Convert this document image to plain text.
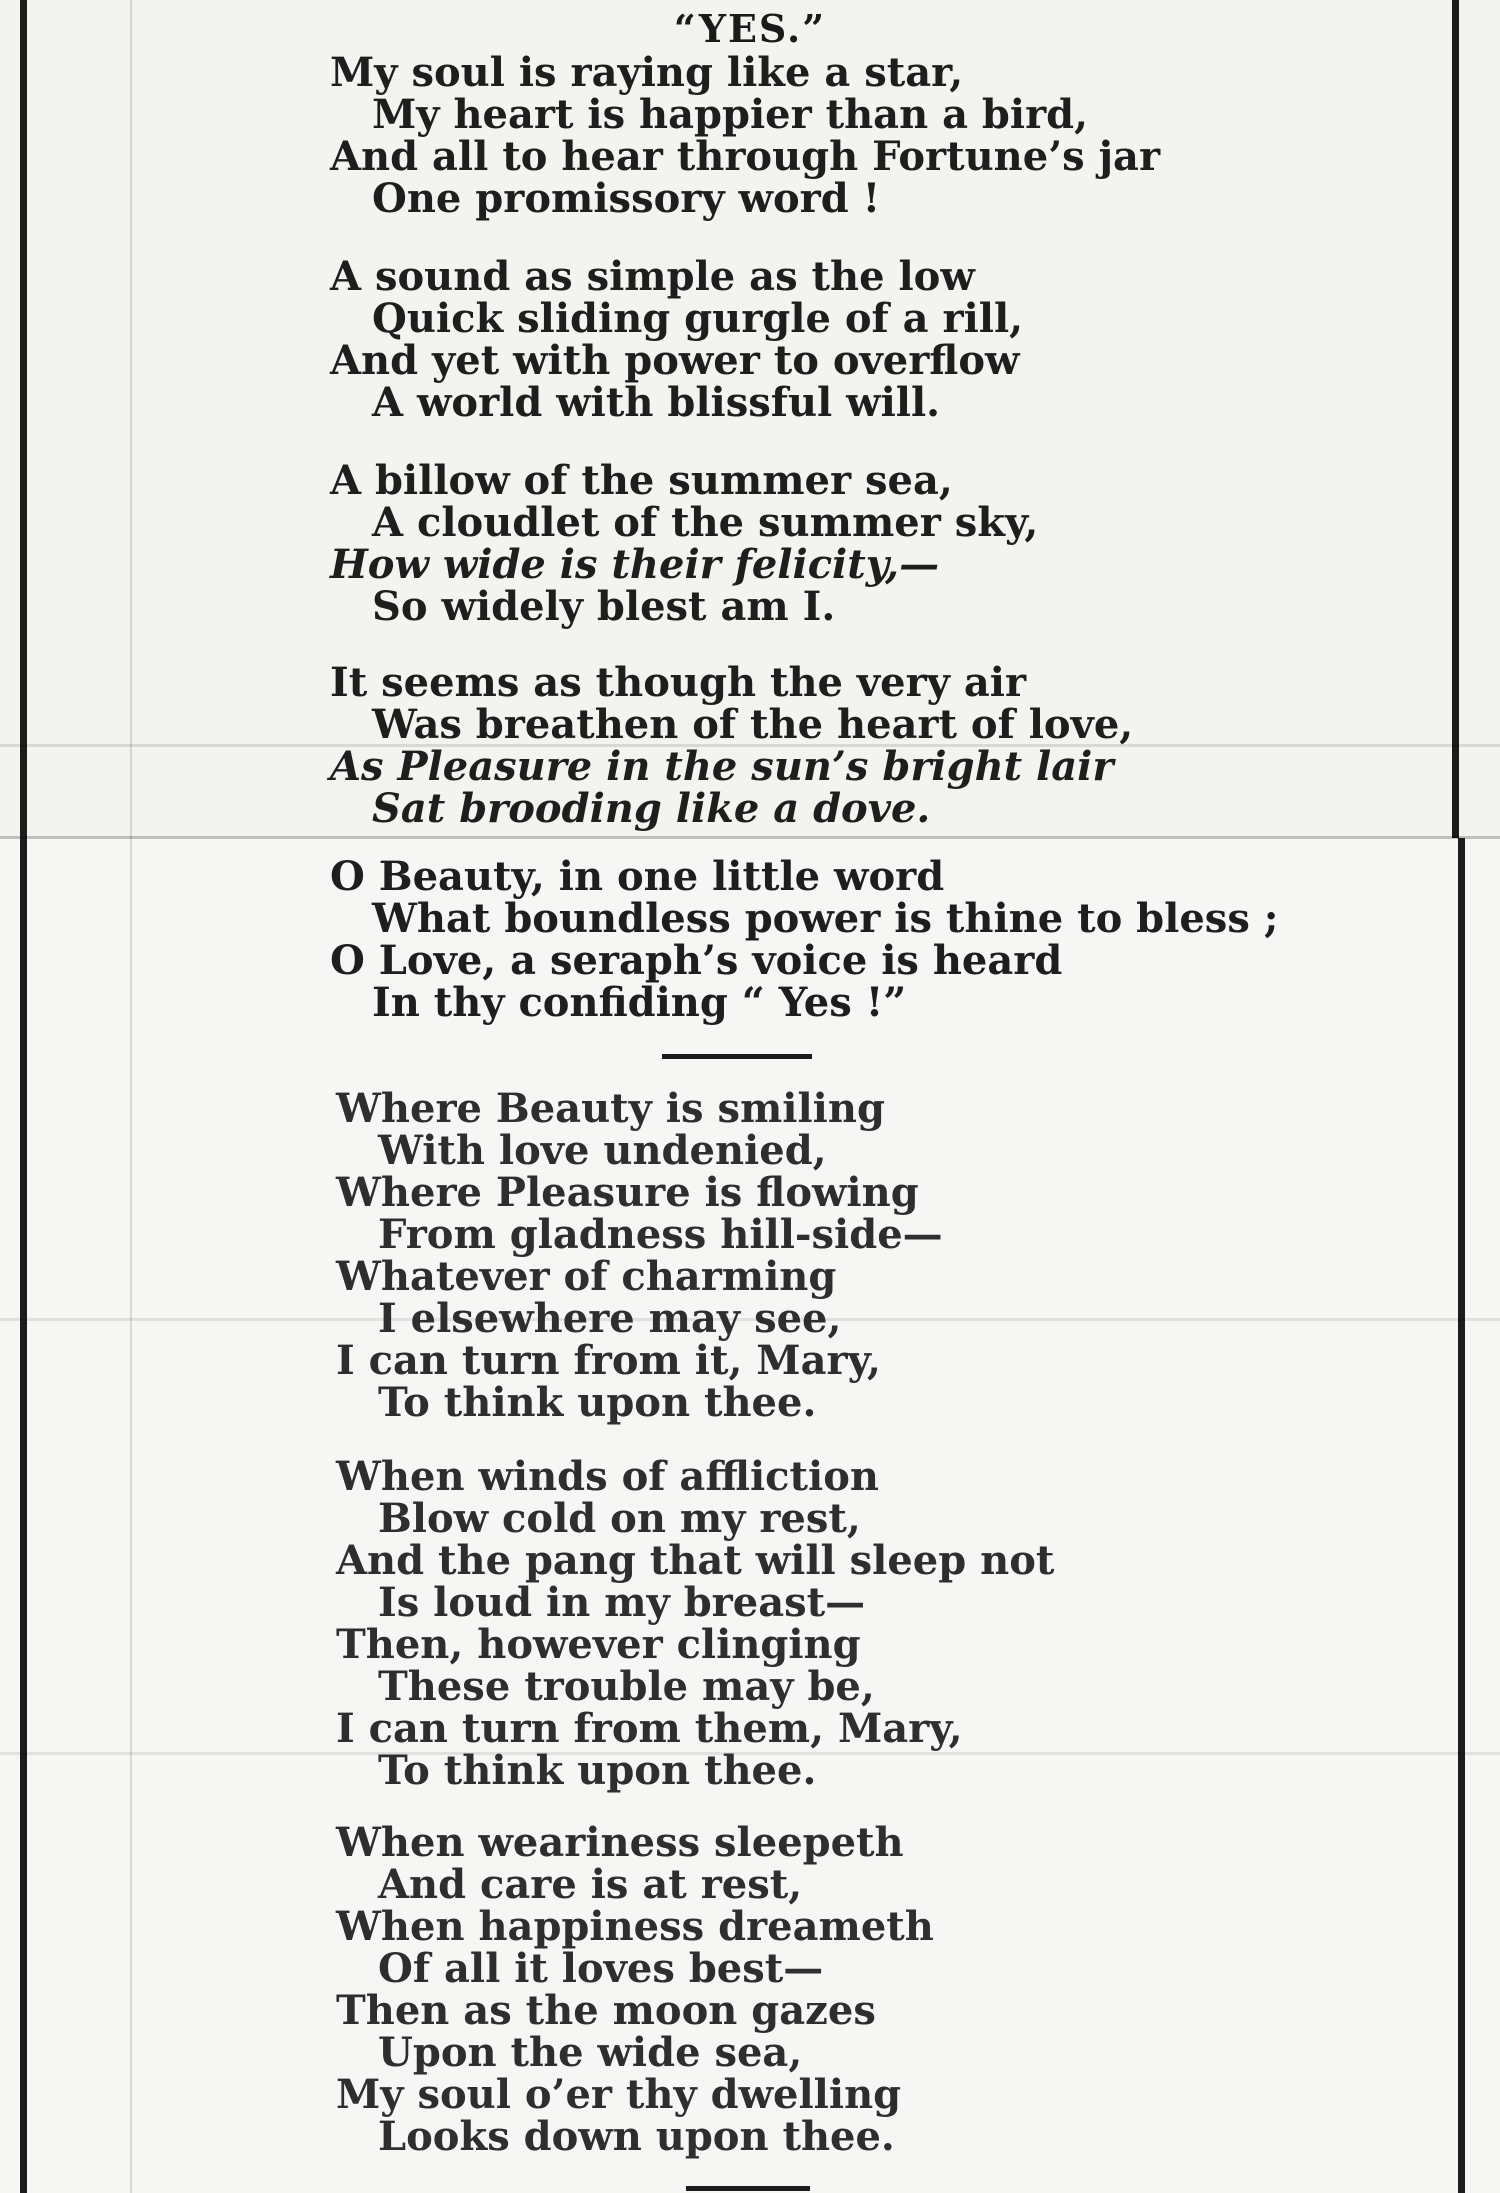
“YES.”
My soul is raying like a star,
My heart is happier than a bird,
And all to hear through Fortune’s jar
One promissory word !
A sound as simple as the low
Quick sliding gurgle of a rill,
And yet with power to overflow
A world with blissful will.
A billow of the summer sea,
A cloudlet of the summer sky,
How wide is their felicity,—
So widely blest am I.
It seems as though the very air
Was breathen of the heart of love,
As Pleasure in the sun’s bright lair
Sat brooding like a dove.
O Beauty, in one little word
What boundless power is thine to bless ;
O Love, a seraph’s voice is heard
In thy confiding “ Yes !”
Where Beauty is smiling
With love undenied,
Where Pleasure is flowing
From gladness hill-side—
Whatever of charming
I elsewhere may see,
I can turn from it, Mary,
To think upon thee.
When winds of affliction
Blow cold on my rest,
And the pang that will sleep not
Is loud in my breast—
Then, however clinging
These trouble may be,
I can turn from them, Mary,
To think upon thee.
When weariness sleepeth
And care is at rest,
When happiness dreameth
Of all it loves best—
Then as the moon gazes
Upon the wide sea,
My soul o’er thy dwelling
Looks down upon thee.
